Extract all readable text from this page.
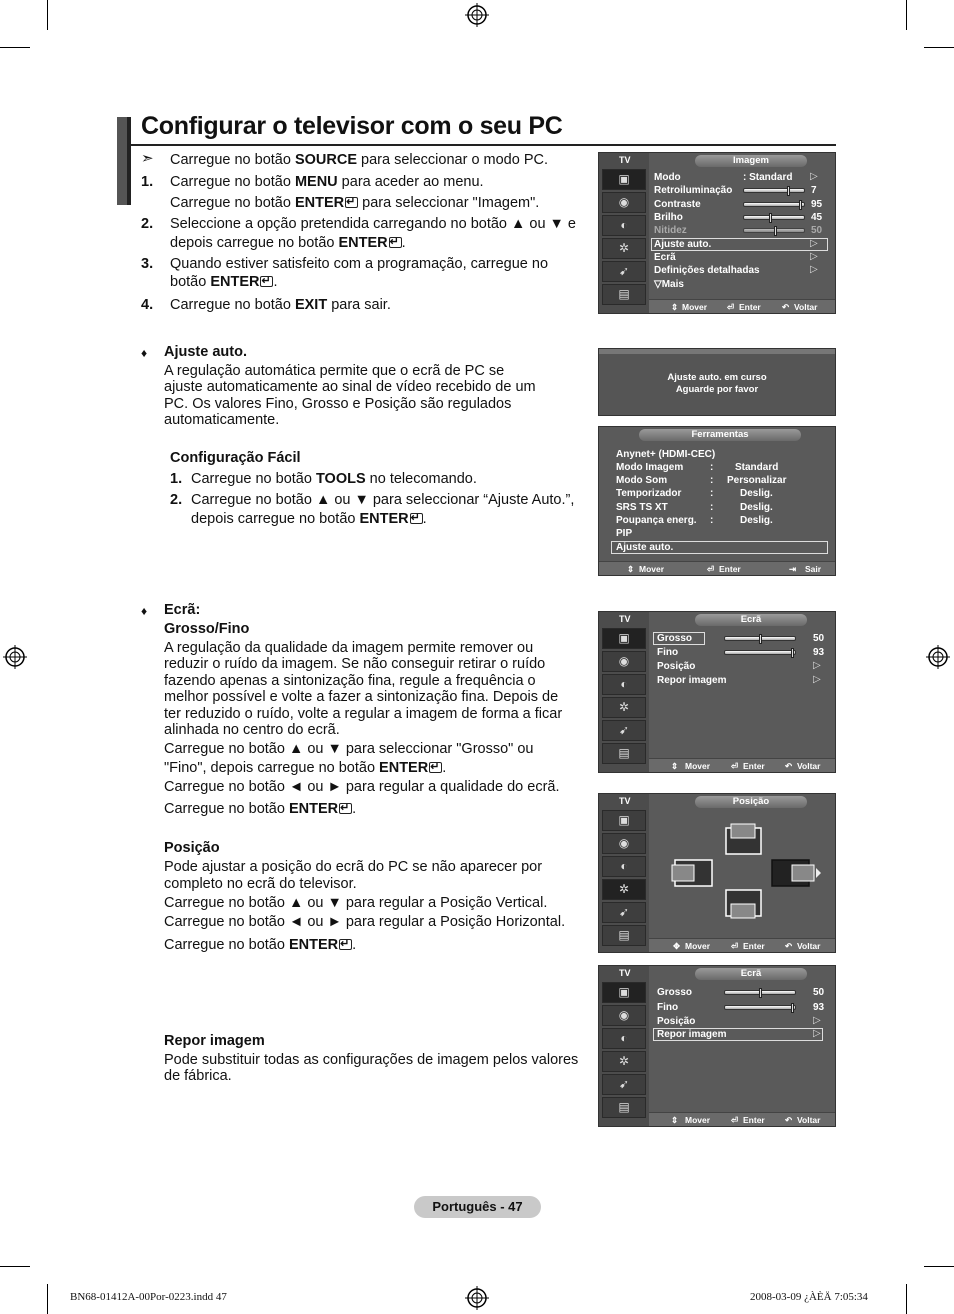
Configurar o televisor com o seu PC
➣ Carregue no botão SOURCE para seleccionar o modo PC.
1. Carregue no botão MENU para aceder ao menu.
Carregue no botão ENTER↵ para seleccionar "Imagem".
2. Seleccione a opção pretendida carregando no botão ▲ ou ▼ e
depois carregue no botão ENTER ↵ .
3. Quando estiver satisfeito com a programação, carregue no
botão ENTER ↵ .
4. Carregue no botão EXIT para sair.
♦ Ajuste auto.
A regulação automática permite que o ecrã de PC se
ajuste automaticamente ao sinal de vídeo recebido de um
PC. Os valores Fino, Grosso e Posição são regulados
automaticamente.
Configuração Fácil
1. Carregue no botão TOOLS no telecomando.
2. Carregue no botão ▲ ou ▼ para seleccionar “Ajuste Auto.”,
depois carregue no botão ENTER ↵ .
♦ Ecrã:
Grosso/Fino
A regulação da qualidade da imagem permite remover ou
reduzir o ruído da imagem. Se não conseguir retirar o ruído
fazendo apenas a sintonização fina, regule a frequência o
melhor possível e volte a fazer a sintonização fina. Depois de
ter reduzido o ruído, volte a regular a imagem de forma a ficar
alinhada no centro do ecrã.
Carregue no botão ▲ ou ▼ para seleccionar "Grosso" ou
"Fino", depois carregue no botão ENTER ↵ .
Carregue no botão ◄ ou ► para regular a qualidade do ecrã.
Carregue no botão ENTER ↵ .
Posição
Pode ajustar a posição do ecrã do PC se não aparecer por
completo no ecrã do televisor.
Carregue no botão ▲ ou ▼ para regular a Posição Vertical.
Carregue no botão ◄ ou ► para regular a Posição Horizontal.
Carregue no botão ENTER ↵ .
Repor imagem
Pode substituir todas as configurações de imagem pelos valores
de fábrica.
TV
▣
◉
◐
✲
➹
▤
Imagem
Modo	: Standard ▷
Retroiluminação	7
Contraste	95
Brilho	45
Nitidez	50
Ajuste auto.	▷
Ecrã	▷
Definições detalhadas	▷
▽Mais
⇕ Mover ⏎ Enter	↶ Voltar
Ajuste auto. em curso
Aguarde por favor
Ferramentas
Anynet+ (HDMI-CEC)
Modo Imagem	: Standard
Modo Som	: Personalizar
Temporizador	:	Deslig.
SRS TS XT	:	Deslig.
Poupança energ. :	Deslig.
PIP
Ajuste auto.
⇕ Mover	⏎ Enter	⇥ Sair
TV
▣
◉
◐
✲
➹
▤
Ecrã
Grosso	50
Fino	93
Posição	▷
Repor imagem	▷
⇕ Mover ⏎ Enter ↶ Voltar
TV
▣
◉
◐
✲
➹
▤
Posição
✥ Mover ⏎ Enter ↶ Voltar
TV
▣
◉
◐
✲
➹
▤
Ecrã
Grosso	50
Fino	93
Posição	▷
Repor imagem	▷
⇕ Mover ⏎ Enter ↶ Voltar
Português - 47
BN68-01412A-00Por-0223.indd 47	2008-03-09 ¿ÀÈÄ 7:05:34
